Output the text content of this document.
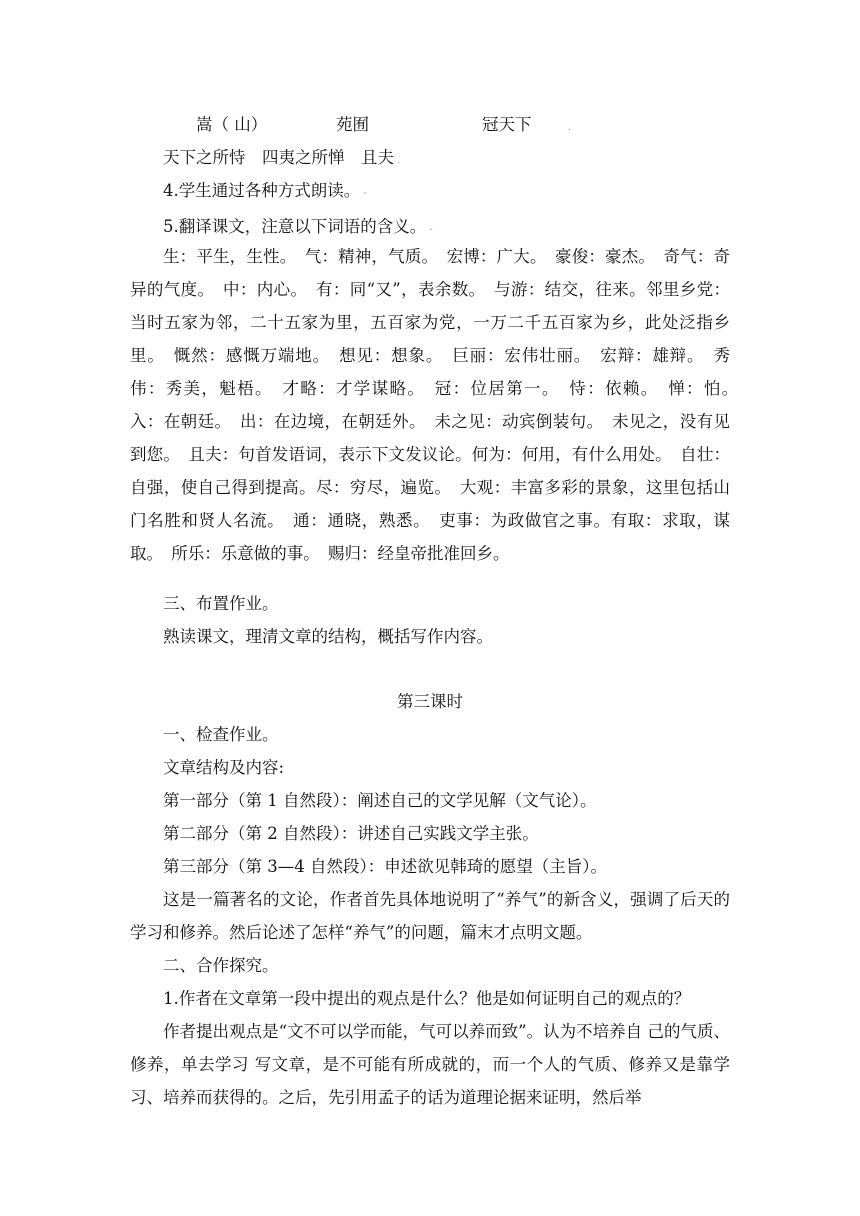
嵩（ 山）	苑囿	冠天下	.

天下之所恃　四夷之所惮　且夫 .

4.学生通过各种方式朗读。 -

5.翻译课文，注意以下词语的含义。 -

生：平生，生性。　气：精神，气质。　宏博：广大。　豪俊：豪杰。　奇气：奇异的气度。　中：内心。　有：同“又”，表余数。　与游：结交，往来。邻里乡党：当时五家为邻，二十五家为里，五百家为党，一万二千五百家为乡，此处泛指乡里。　慨然：感慨万端地。　想见：想象。　巨丽：宏伟壮丽。　宏辩：雄辩。　秀伟：秀美，魁梧。　才略：才学谋略。　冠：位居第一。　恃：依赖。　惮：怕。　入：在朝廷。　出：在边境，在朝廷外。　未之见：动宾倒装句。　未见之，没有见到您。　且夫：句首发语词，表示下文发议论。何为：何用，有什么用处。　自壮：自强，使自己得到提高。尽：穷尽，遍览。　大观：丰富多彩的景象，这里包括山门名胜和贤人名流。　通：通晓，熟悉。　吏事：为政做官之事。有取：求取，谋取。　所乐：乐意做的事。　赐归：经皇帝批准回乡。

三、布置作业。

熟读课文，理清文章的结构，概括写作内容。

第三课时

一、检查作业。

文章结构及内容:

第一部分（第 1 自然段）：阐述自己的文学见解（文气论）。

第二部分（第 2 自然段）：讲述自己实践文学主张。

第三部分（第 3—4 自然段）：申述欲见韩琦的愿望（主旨）。

这是一篇著名的文论，作者首先具体地说明了“养气”的新含义，强调了后天的学习和修养。然后论述了怎样“养气”的问题，篇末才点明文题。

二、合作探究。

1.作者在文章第一段中提出的观点是什么？他是如何证明自己的观点的？

作者提出观点是“文不可以学而能，气可以养而致”。认为不培养自 己的气质、修养，单去学习 写文章，是不可能有所成就的，而一个人的气质、修养又是靠学习、培养而获得的。之后，先引用孟子的话为道理论据来证明，然后举
